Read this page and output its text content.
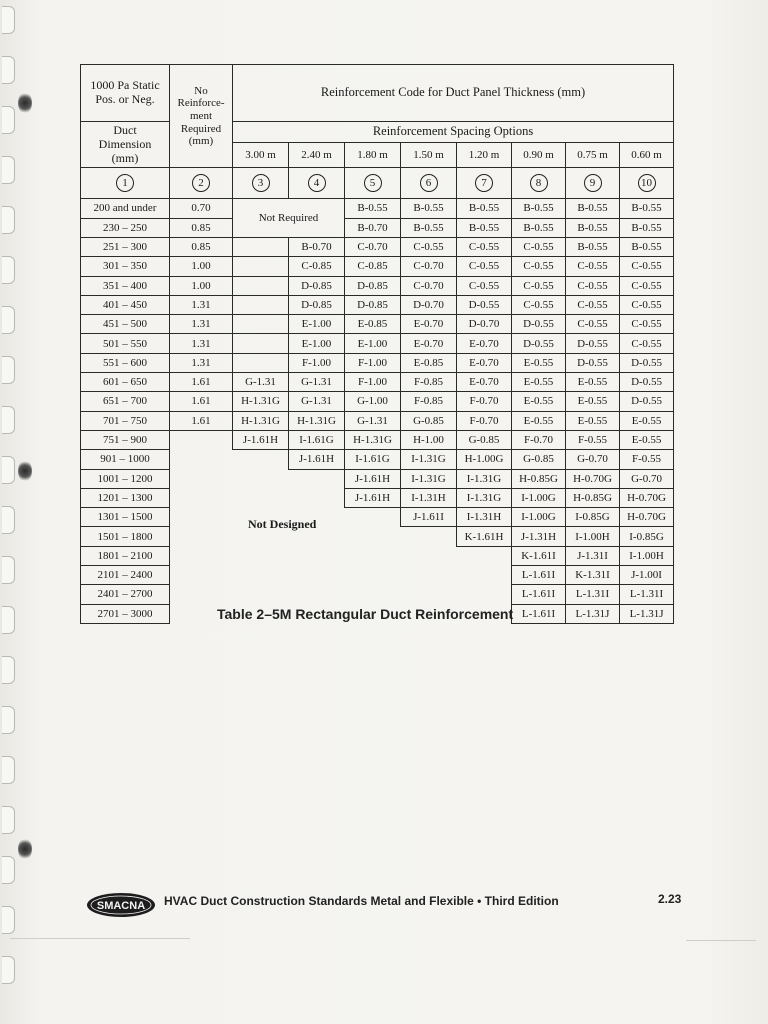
1000 Pa Static Pos. or Neg.	No Reinforce-ment Required (mm)	Reinforcement Code for Duct Panel Thickness (mm)							
Duct Dimension (mm)		Reinforcement Spacing Options							
		3.00 m	2.40 m	1.80 m	1.50 m	1.20 m	0.90 m	0.75 m	0.60 m
1	2	3	4	5	6	7	8	9	10
200 and under	0.70	Not Required		B-0.55	B-0.55	B-0.55	B-0.55	B-0.55	B-0.55
230 – 250	0.85			B-0.70	B-0.55	B-0.55	B-0.55	B-0.55	B-0.55
251 – 300	0.85		B-0.70	C-0.70	C-0.55	C-0.55	C-0.55	B-0.55	B-0.55
301 – 350	1.00		C-0.85	C-0.85	C-0.70	C-0.55	C-0.55	C-0.55	C-0.55
351 – 400	1.00		D-0.85	D-0.85	C-0.70	C-0.55	C-0.55	C-0.55	C-0.55
401 – 450	1.31		D-0.85	D-0.85	D-0.70	D-0.55	C-0.55	C-0.55	C-0.55
451 – 500	1.31		E-1.00	E-0.85	E-0.70	D-0.70	D-0.55	C-0.55	C-0.55
501 – 550	1.31		E-1.00	E-1.00	E-0.70	E-0.70	D-0.55	D-0.55	C-0.55
551 – 600	1.31		F-1.00	F-1.00	E-0.85	E-0.70	E-0.55	D-0.55	D-0.55
601 – 650	1.61	G-1.31	G-1.31	F-1.00	F-0.85	E-0.70	E-0.55	E-0.55	D-0.55
651 – 700	1.61	H-1.31G	G-1.31	G-1.00	F-0.85	F-0.70	E-0.55	E-0.55	D-0.55
701 – 750	1.61	H-1.31G	H-1.31G	G-1.31	G-0.85	F-0.70	E-0.55	E-0.55	E-0.55
751 – 900		J-1.61H	I-1.61G	H-1.31G	H-1.00	G-0.85	F-0.70	F-0.55	E-0.55
901 – 1000			J-1.61H	I-1.61G	I-1.31G	H-1.00G	G-0.85	G-0.70	F-0.55
1001 – 1200				J-1.61H	I-1.31G	I-1.31G	H-0.85G	H-0.70G	G-0.70
1201 – 1300				J-1.61H	I-1.31H	I-1.31G	I-1.00G	H-0.85G	H-0.70G
1301 – 1500					J-1.61I	I-1.31H	I-1.00G	I-0.85G	H-0.70G
1501 – 1800						K-1.61H	J-1.31H	I-1.00H	I-0.85G
1801 – 2100							K-1.61I	J-1.31I	I-1.00H
2101 – 2400							L-1.61I	K-1.31I	J-1.00I
2401 – 2700							L-1.61I	L-1.31I	L-1.31I
2701 – 3000							L-1.61I	L-1.31J	L-1.31J
Not Designed
Table 2–5M Rectangular Duct Reinforcement
SMACNA HVAC Duct Construction Standards Metal and Flexible • Third Edition	2.23
